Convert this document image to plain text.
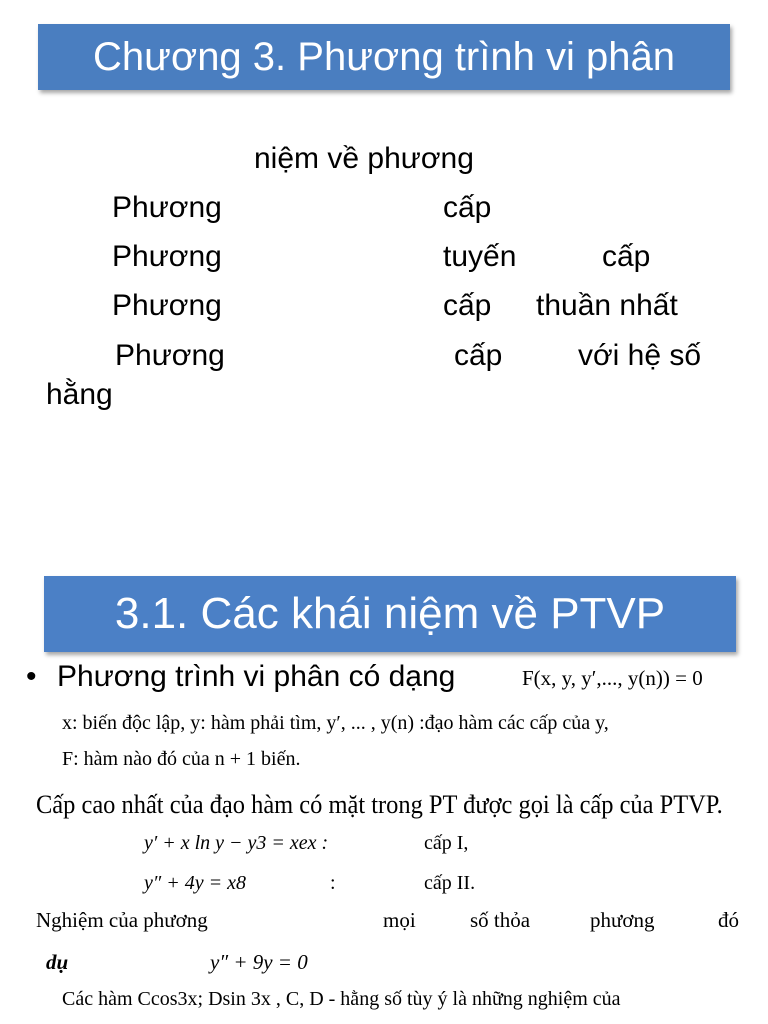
Chương 3. Phương trình vi phân
niệm về phương
Phương	cấp
Phương	tuyến	cấp
Phương	cấp thuần nhất
Phương	cấp	với hệ số
hằng
3.1. Các khái niệm về PTVP
• Phương trình vi phân có dạng	F(x, y, y′,..., y(n)) = 0
x: biến độc lập, y: hàm phải tìm, y′, ... , y(n) :đạo hàm các cấp của y,
F: hàm nào đó của n + 1 biến.
Cấp cao nhất của đạo hàm có mặt trong PT được gọi là cấp của PTVP.
y′ + x ln y − y3 = xex :	cấp I,
y″ + 4y = x8	:	cấp II.
Nghiệm của phương	mọi	số thỏa	phương	đó
dụ	y″ + 9y = 0
Các hàm Ccos3x; Dsin 3x , C, D - hằng số tùy ý là những nghiệm của
